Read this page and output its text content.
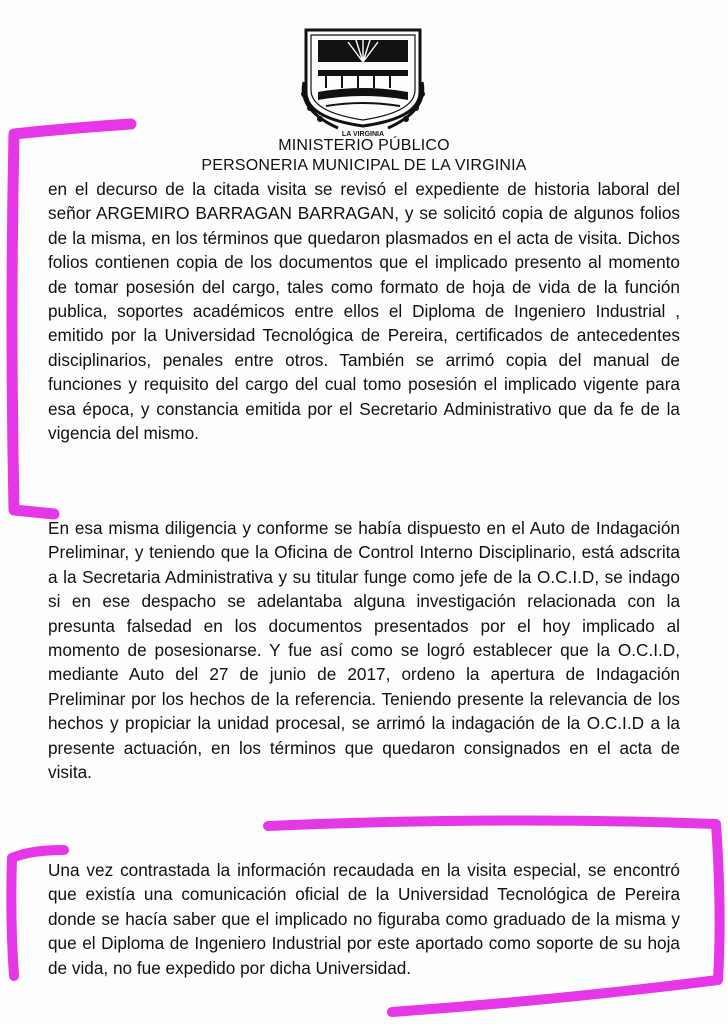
LA VIRGINIA
MINISTERIO PÚBLICO
PERSONERIA MUNICIPAL DE LA VIRGINIA

en el decurso de la citada visita se revisó el expediente de historia laboral del señor ARGEMIRO BARRAGAN BARRAGAN, y se solicitó copia de algunos folios de la misma, en los términos que quedaron plasmados en el acta de visita. Dichos folios contienen copia de los documentos que el implicado presento al momento de tomar posesión del cargo, tales como formato de hoja de vida de la función publica, soportes académicos entre ellos el Diploma de Ingeniero Industrial , emitido por la Universidad Tecnológica de Pereira, certificados de antecedentes disciplinarios, penales entre otros. También se arrimó copia del manual de funciones y requisito del cargo del cual tomo posesión el implicado vigente para esa época, y constancia emitida por el Secretario Administrativo que da fe de la vigencia del mismo.

En esa misma diligencia y conforme se había dispuesto en el Auto de Indagación Preliminar, y teniendo que la Oficina de Control Interno Disciplinario, está adscrita a la Secretaria Administrativa y su titular funge como jefe de la O.C.I.D, se indago si en ese despacho se adelantaba alguna investigación relacionada con la presunta falsedad en los documentos presentados por el hoy implicado al momento de posesionarse. Y fue así como se logró establecer que la O.C.I.D, mediante Auto del 27 de junio de 2017, ordeno la apertura de Indagación Preliminar por los hechos de la referencia. Teniendo presente la relevancia de los hechos y propiciar la unidad procesal, se arrimó la indagación de la O.C.I.D a la presente actuación, en los términos que quedaron consignados en el acta de visita.

Una vez contrastada la información recaudada en la visita especial, se encontró que existía una comunicación oficial de la Universidad Tecnológica de Pereira donde se hacía saber que el implicado no figuraba como graduado de la misma y que el Diploma de Ingeniero Industrial por este aportado como soporte de su hoja de vida, no fue expedido por dicha Universidad.
